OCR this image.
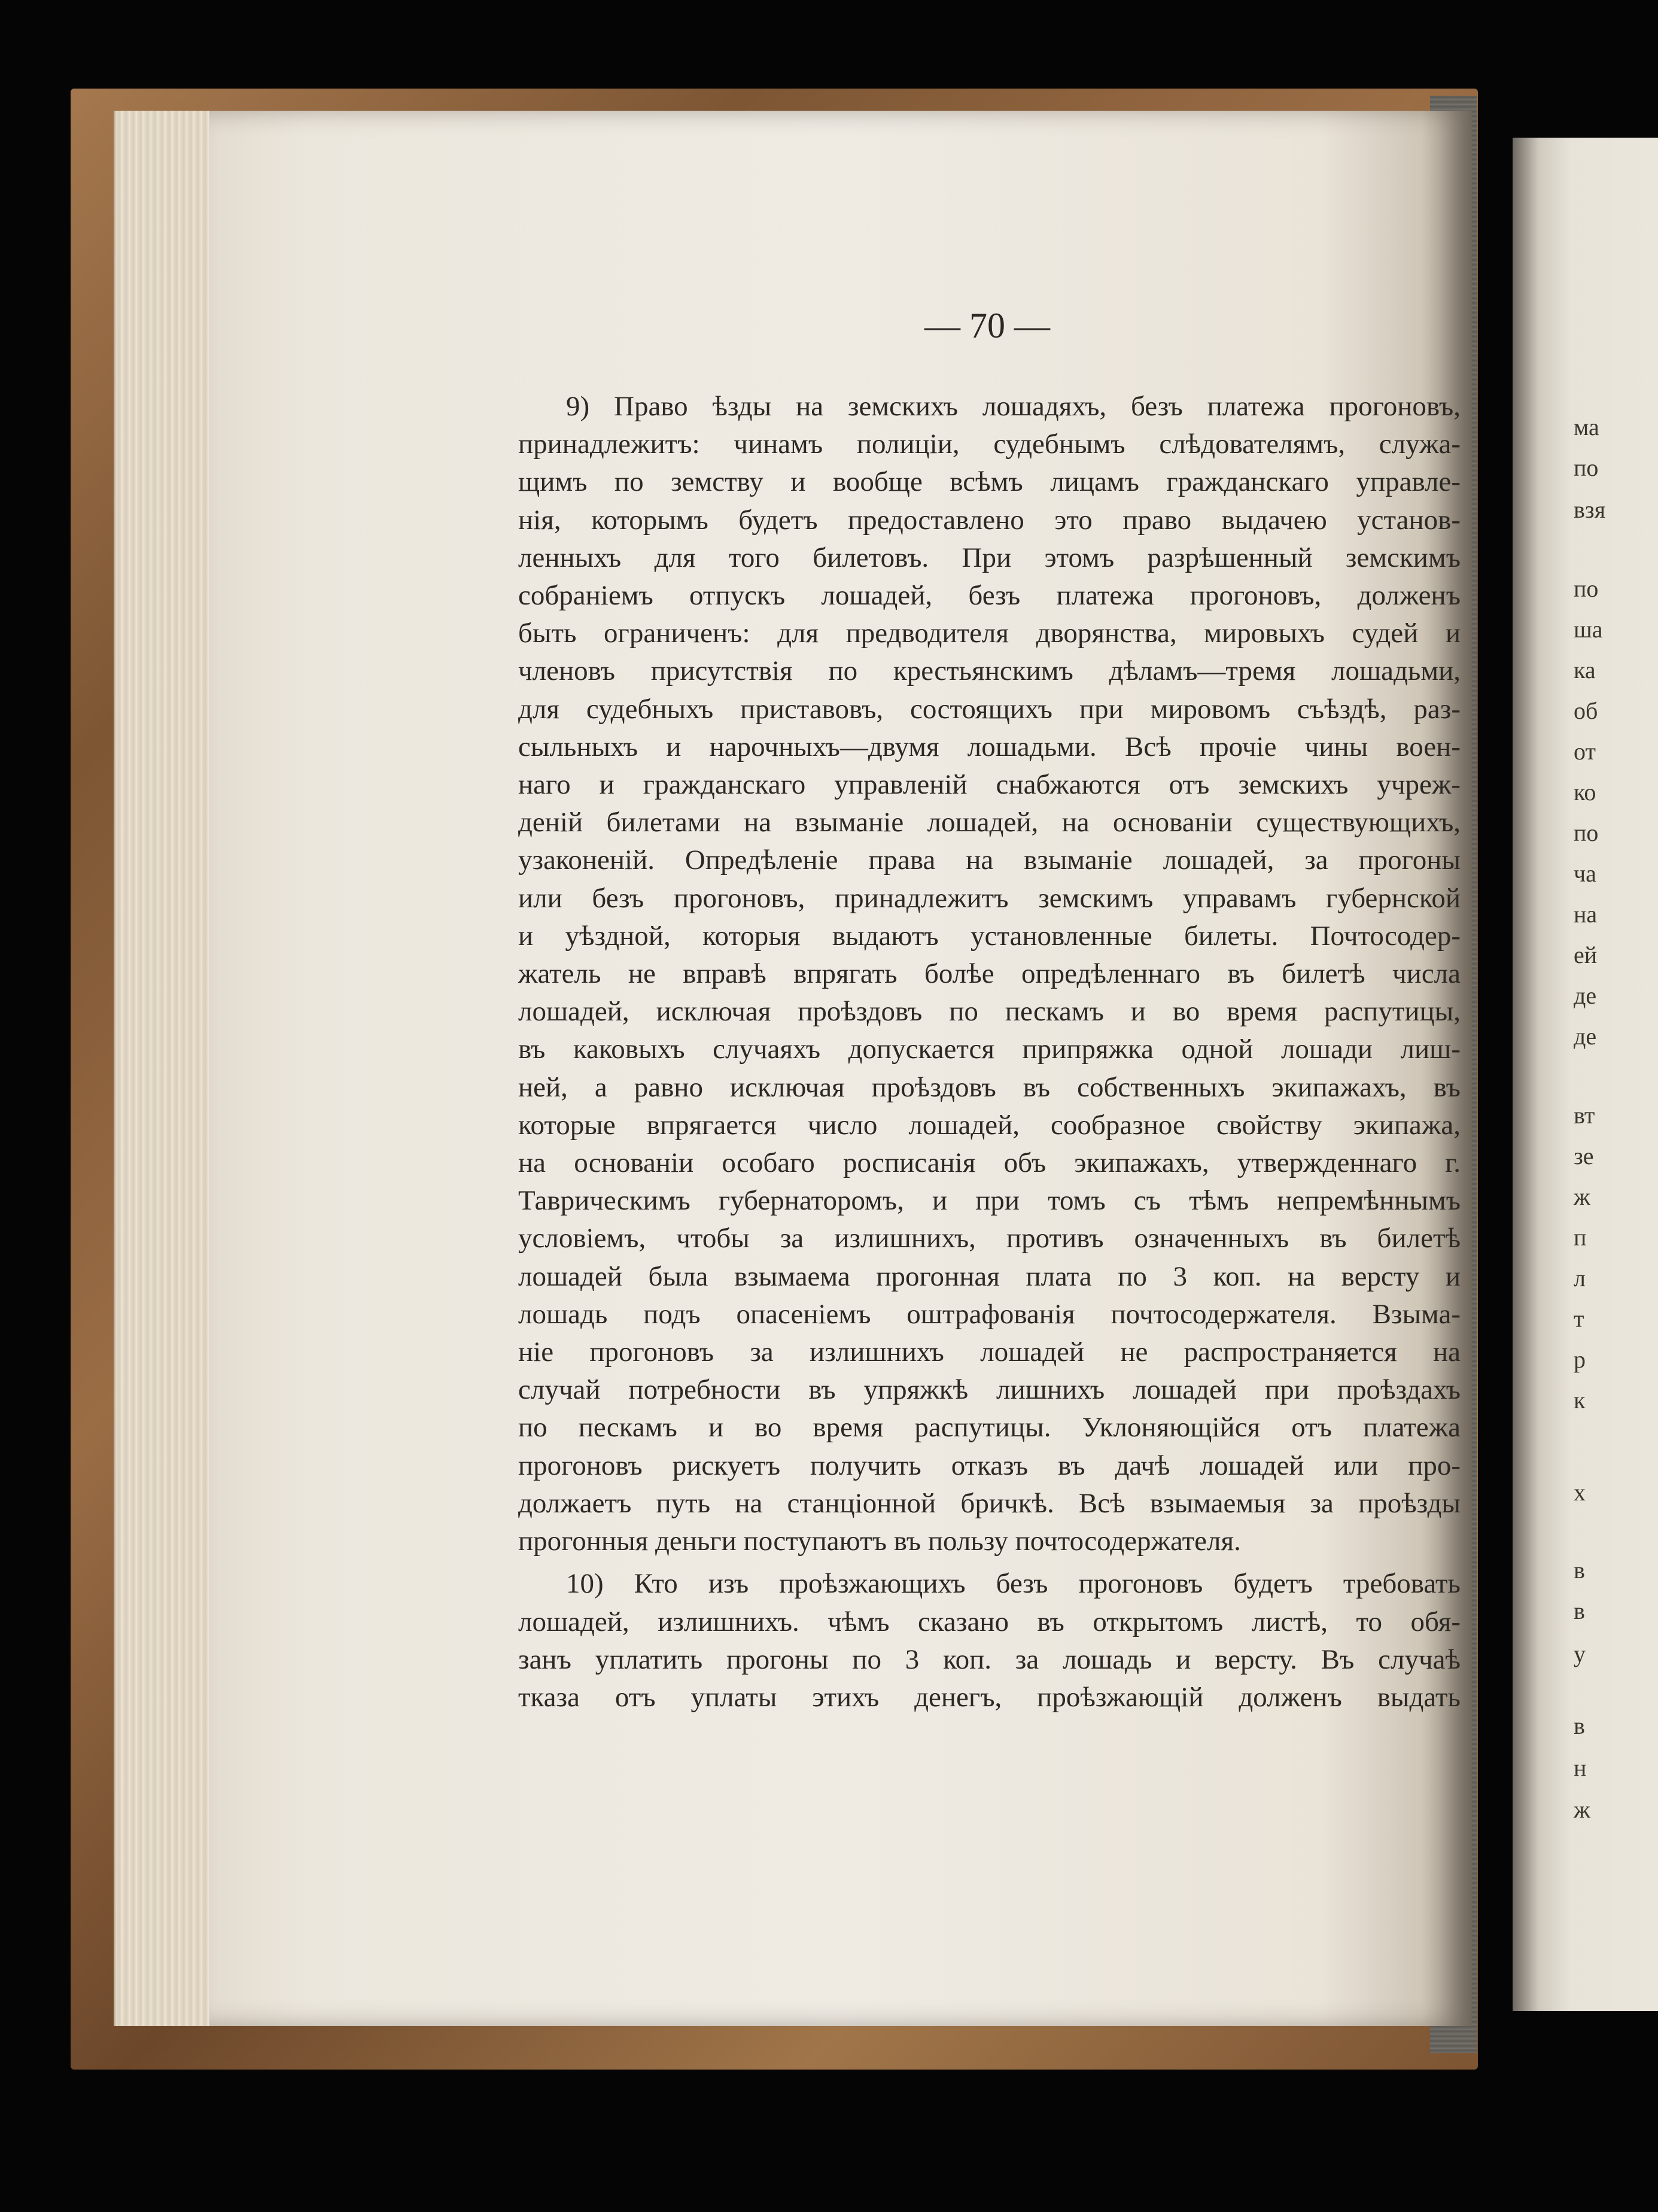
— 70 —
9) Право ѣзды на земскихъ лошадяхъ, безъ платежа прогоновъ,
принадлежитъ: чинамъ полиціи, судебнымъ слѣдователямъ, служа-
щимъ по земству и вообще всѣмъ лицамъ гражданскаго управле-
нія, которымъ будетъ предоставлено это право выдачею установ-
ленныхъ для того билетовъ. При этомъ разрѣшенный земскимъ
собраніемъ отпускъ лошадей, безъ платежа прогоновъ, долженъ
быть ограниченъ: для предводителя дворянства, мировыхъ судей и
членовъ присутствія по крестьянскимъ дѣламъ—тремя лошадьми,
для судебныхъ приставовъ, состоящихъ при мировомъ съѣздѣ, раз-
сыльныхъ и нарочныхъ—двумя лошадьми. Всѣ прочіе чины воен-
наго и гражданскаго управленій снабжаются отъ земскихъ учреж-
деній билетами на взыманіе лошадей, на основаніи существующихъ,
узаконеній. Опредѣленіе права на взыманіе лошадей, за прогоны
или безъ прогоновъ, принадлежитъ земскимъ управамъ губернской
и уѣздной, которыя выдаютъ установленные билеты. Почтосодер-
жатель не вправѣ впрягать болѣе опредѣленнаго въ билетѣ числа
лошадей, исключая проѣздовъ по пескамъ и во время распутицы,
въ каковыхъ случаяхъ допускается припряжка одной лошади лиш-
ней, а равно исключая проѣздовъ въ собственныхъ экипажахъ, въ
которые впрягается число лошадей, сообразное свойству экипажа,
на основаніи особаго росписанія объ экипажахъ, утвержденнаго г.
Таврическимъ губернаторомъ, и при томъ съ тѣмъ непремѣннымъ
условіемъ, чтобы за излишнихъ, противъ означенныхъ въ билетѣ
лошадей была взымаема прогонная плата по 3 коп. на версту и
лошадь подъ опасеніемъ оштрафованія почтосодержателя. Взыма-
ніе прогоновъ за излишнихъ лошадей не распространяется на
случай потребности въ упряжкѣ лишнихъ лошадей при проѣздахъ
по пескамъ и во время распутицы. Уклоняющійся отъ платежа
прогоновъ рискуетъ получить отказъ въ дачѣ лошадей или про-
должаетъ путь на станціонной бричкѣ. Всѣ взымаемыя за проѣзды
прогонныя деньги поступаютъ въ пользу почтосодержателя.
10) Кто изъ проѣзжающихъ безъ прогоновъ будетъ требовать
лошадей, излишнихъ. чѣмъ сказано въ открытомъ листѣ, то обя-
занъ уплатить прогоны по 3 коп. за лошадь и версту. Въ случаѣ
тказа отъ уплаты этихъ денегъ, проѣзжающій долженъ выдать
ма
по
взя
по
ша
ка
об
от
ко
по
ча
на
ей
де
де
вт
зе
ж
п
л
т
р
к
х
в
в
у
в
н
ж
